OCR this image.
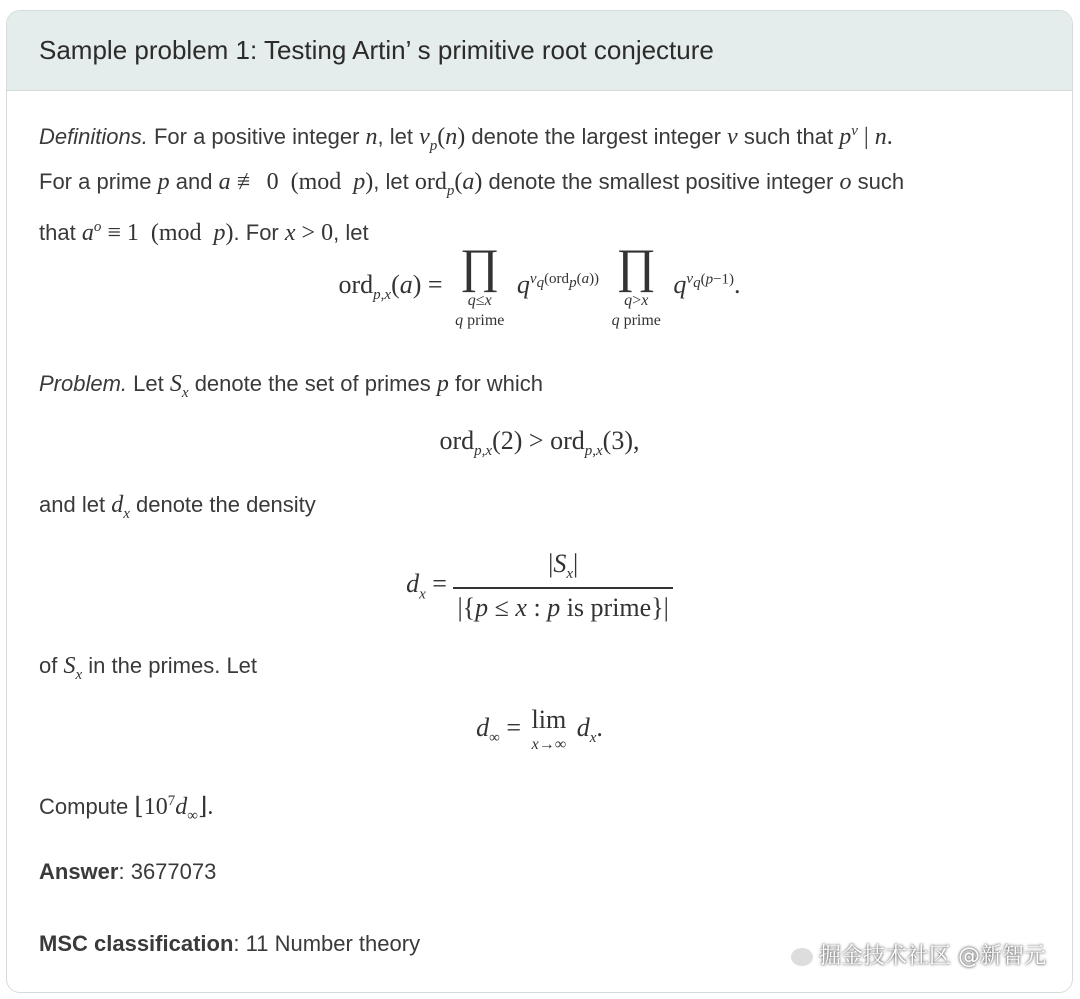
Sample problem 1: Testing Artin’ s primitive root conjecture
Definitions. For a positive integer n, let $v_p(n)$ denote the largest integer v such that $p^v$ | n.
For a prime p and a ≢ 0  (mod  p), let ord$_p$(a) denote the smallest positive integer o such
that $a^o \equiv 1$  (mod  p). For x > 0, let
ord$_{p,x}$(a) = ∏
q≤x
q prime
$q^{v_q(ord_p(a))}$ ∏
q>x
q prime
$q^{v_q(p-1)}$.
Problem. Let $S_x$ denote the set of primes p for which
ord$_{p,x}$(2) > ord$_{p,x}$(3),
and let $d_x$ denote the density
$d_x = \frac{|S_x|}{\text{|\{p ≤ x : p is prime\}|}}$
of $S_x$ in the primes. Let
$d_\infty = \lim$
x→∞
$d_x$.
Compute $⌊10^7d_\infty⌋$.
Answer: 3677073
MSC classification: 11 Number theory
掘金技术社区 @新智元
